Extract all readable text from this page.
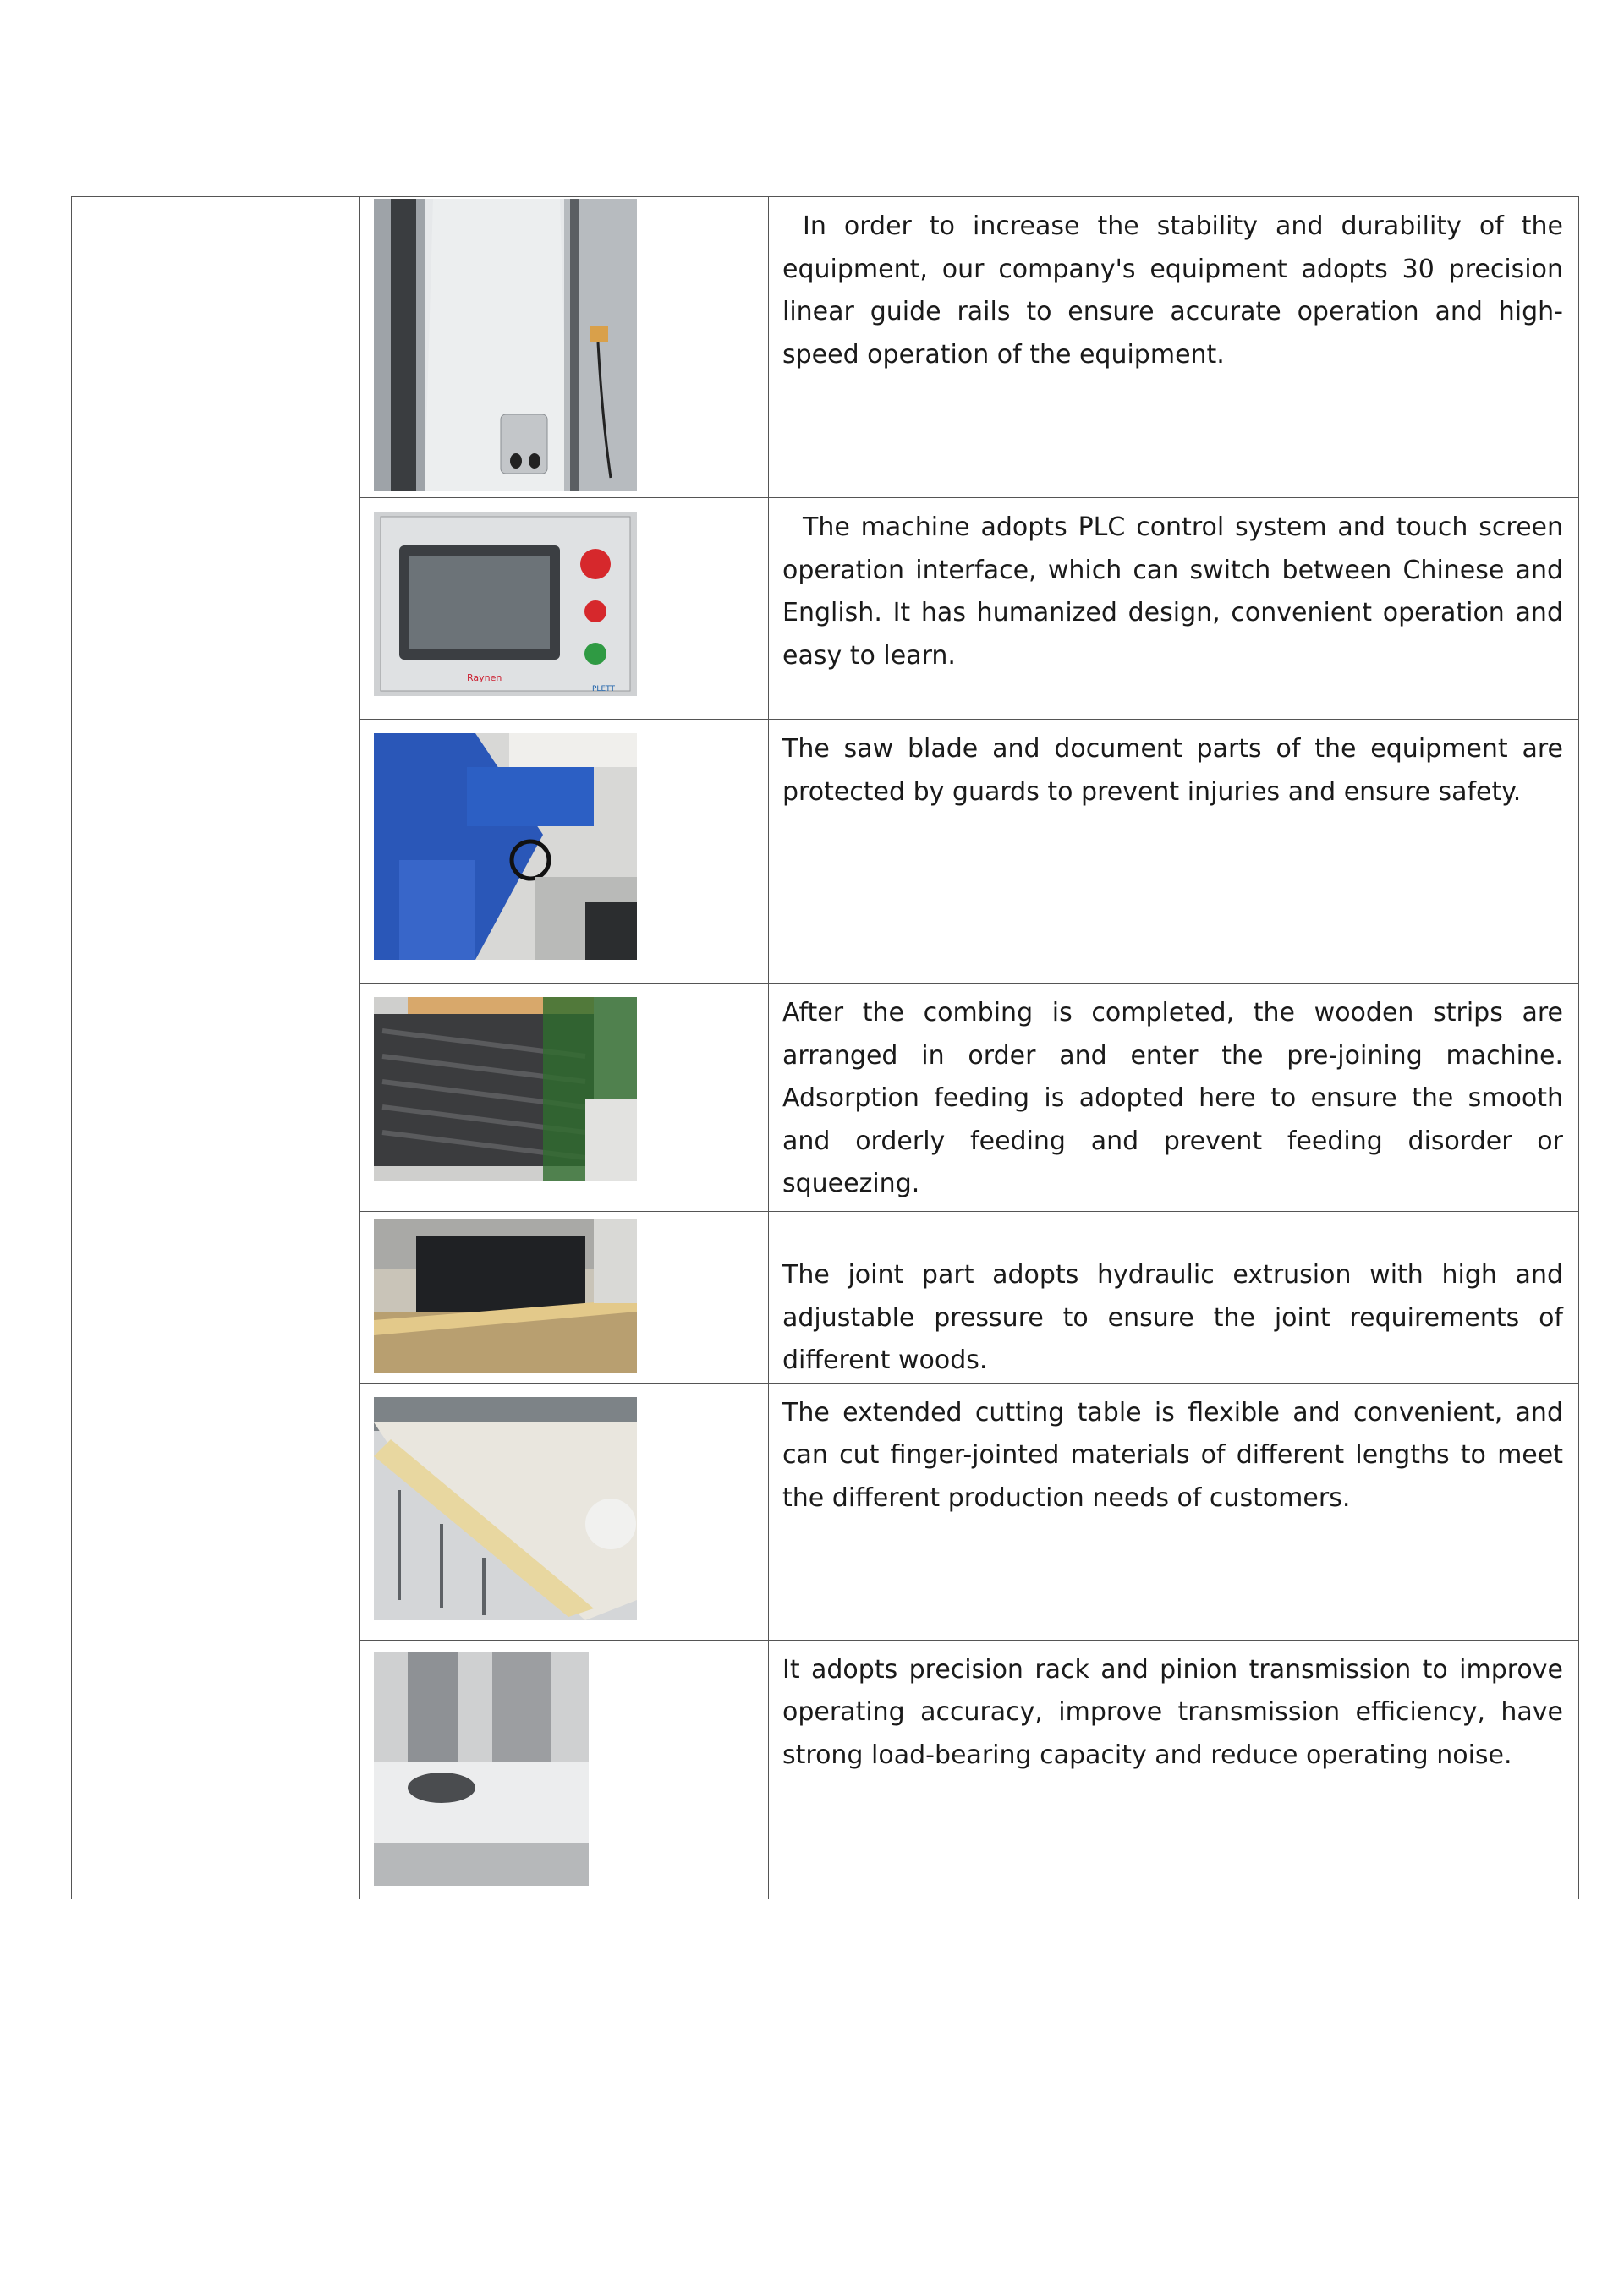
In order to increase the stability and durability of the equipment, our company's equipment adopts 30 precision linear guide rails to ensure accurate operation and high-speed operation of the equipment.

Raynen
PLETT	The machine adopts PLC control system and touch screen operation interface, which can switch between Chinese and English. It has humanized design, convenient operation and easy to learn.

The saw blade and document parts of the equipment are protected by guards to prevent injuries and ensure safety.

After the combing is completed, the wooden strips are arranged in order and enter the pre-joining machine. Adsorption feeding is adopted here to ensure the smooth and orderly feeding and prevent feeding disorder or squeezing.

The joint part adopts hydraulic extrusion with high and adjustable pressure to ensure the joint requirements of different woods.

The extended cutting table is flexible and convenient, and can cut finger-jointed materials of different lengths to meet the different production needs of customers.

It adopts precision rack and pinion transmission to improve operating accuracy, improve transmission efficiency, have strong load-bearing capacity and reduce operating noise.
